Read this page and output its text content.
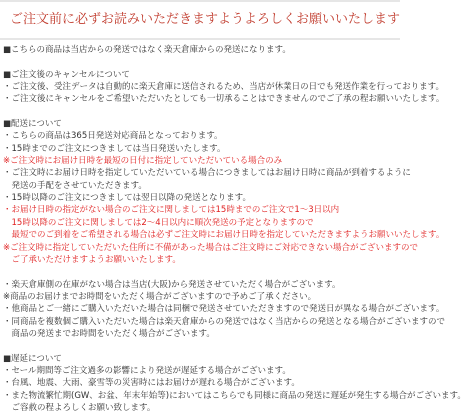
ご注文前に必ずお読みいただきますようよろしくお願いいたします
■こちらの商品は当店からの発送ではなく楽天倉庫からの発送になります。
■ご注文後のキャンセルについて
・ご注文後、受注データは自動的に楽天倉庫に送信されるため、当店が休業日の日でも発送作業を行っております。
・ご注文後にキャンセルをご希望いただいたとしても一切承ることはできませんのでご了承の程お願いいたします。
■配送について
・こちらの商品は365日発送対応商品となっております。
・15時までのご注文につきましては当日発送いたします。
※ご注文時にお届け日時を最短の日付に指定していただいている場合のみ
・ご注文時にお届け日時を指定していただいている場合につきましてはお届け日時に商品が到着するように
　発送の手配をさせていただきます。
・15時以降のご注文につきましては翌日以降の発送となります。
・お届け日時の指定がない場合のご注文に関しましては15時までのご注文で1〜3日以内
　15時以降のご注文に関しましては2〜4日以内に順次発送の予定となりますので
　最短でのご到着をご希望される場合は必ずご注文時にお届け日時を指定していただきますようお願いいたします。
※ご注文時に指定していただいた住所に不備があった場合はご注文時にご対応できない場合がございますので
　ご了承いただけますようお願いいたします。
・楽天倉庫側の在庫がない場合は当店(大阪)から発送させていただく場合がございます。
※商品のお届けまでお時間をいただく場合がございますので予めご了承ください。
・他商品とご一緒にご購入いただいた場合は同梱で発送させていただきますので発送日が異なる場合がございます。
・同商品を複数個ご購入いただいた場合は楽天倉庫からの発送ではなく当店からの発送となる場合がございますので
　商品の発送までお時間をいただく場合がございます。
■遅延について
・セール期間等ご注文過多の影響により発送が遅延する場合がございます。
・台風、地震、大雨、豪雪等の災害時にはお届けが遅れる場合がございます。
・また物流繁忙期(GW、お盆、年末年始等)においてはこちらでも同様に商品の発送に遅延が発生する場合がございます。
　ご容赦の程よろしくお願い致します。
